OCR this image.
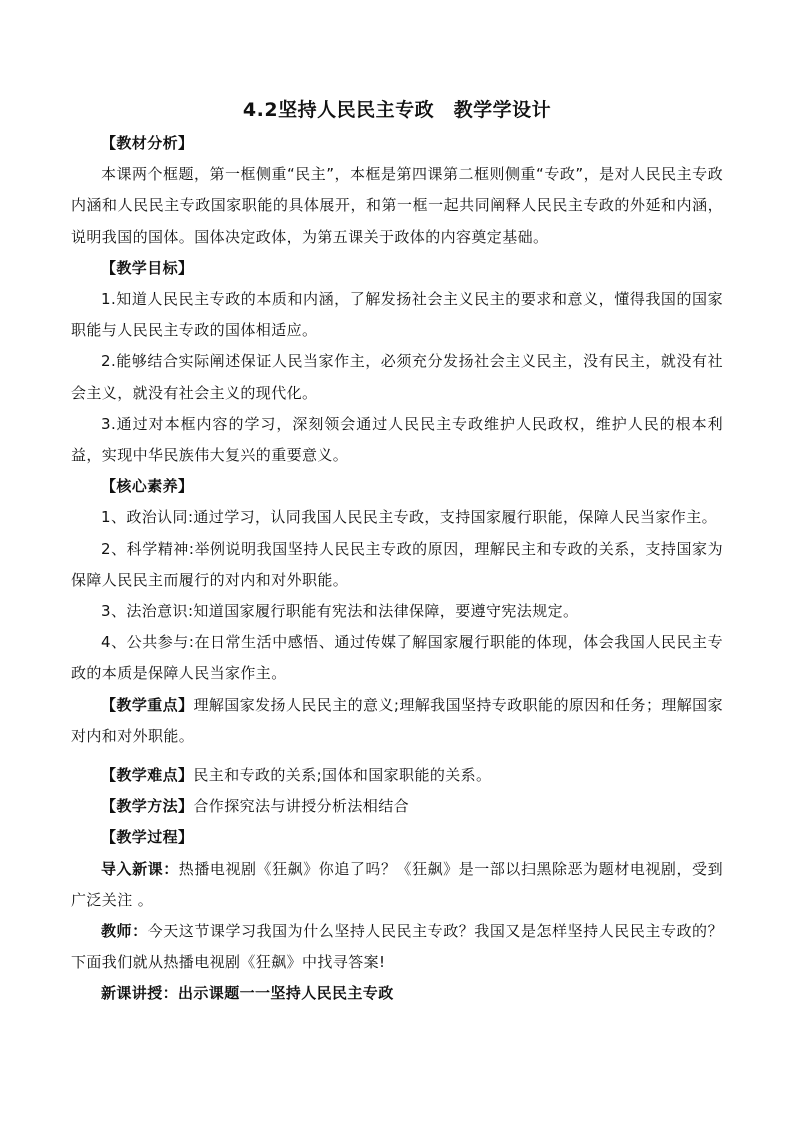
4.2坚持人民民主专政　教学学设计
【教材分析】
本课两个框题，第一框侧重“民主”，本框是第四课第二框则侧重“专政”，是对人民民主专政内涵和人民民主专政国家职能的具体展开，和第一框一起共同阐释人民民主专政的外延和内涵，说明我国的国体。国体决定政体，为第五课关于政体的内容奠定基础。
【教学目标】
1.知道人民民主专政的本质和内涵，了解发扬社会主义民主的要求和意义，懂得我国的国家职能与人民民主专政的国体相适应。
2.能够结合实际阐述保证人民当家作主，必须充分发扬社会主义民主，没有民主，就没有社会主义，就没有社会主义的现代化。
3.通过对本框内容的学习，深刻领会通过人民民主专政维护人民政权，维护人民的根本利益，实现中华民族伟大复兴的重要意义。
【核心素养】
1、政治认同:通过学习，认同我国人民民主专政，支持国家履行职能，保障人民当家作主。
2、科学精神:举例说明我国坚持人民民主专政的原因，理解民主和专政的关系，支持国家为保障人民民主而履行的对内和对外职能。
3、法治意识:知道国家履行职能有宪法和法律保障，要遵守宪法规定。
4、公共参与:在日常生活中感悟、通过传媒了解国家履行职能的体现，体会我国人民民主专政的本质是保障人民当家作主。
【教学重点】理解国家发扬人民民主的意义;理解我国坚持专政职能的原因和任务；理解国家对内和对外职能。
【教学难点】民主和专政的关系;国体和国家职能的关系。
【教学方法】合作探究法与讲授分析法相结合
【教学过程】
导入新课：热播电视剧《狂飙》你追了吗？《狂飙》是一部以扫黑除恶为题材电视剧，受到广泛关注 。
教师：今天这节课学习我国为什么坚持人民民主专政？我国又是怎样坚持人民民主专政的？下面我们就从热播电视剧《狂飙》中找寻答案!
新课讲授：出示课题一一坚持人民民主专政
